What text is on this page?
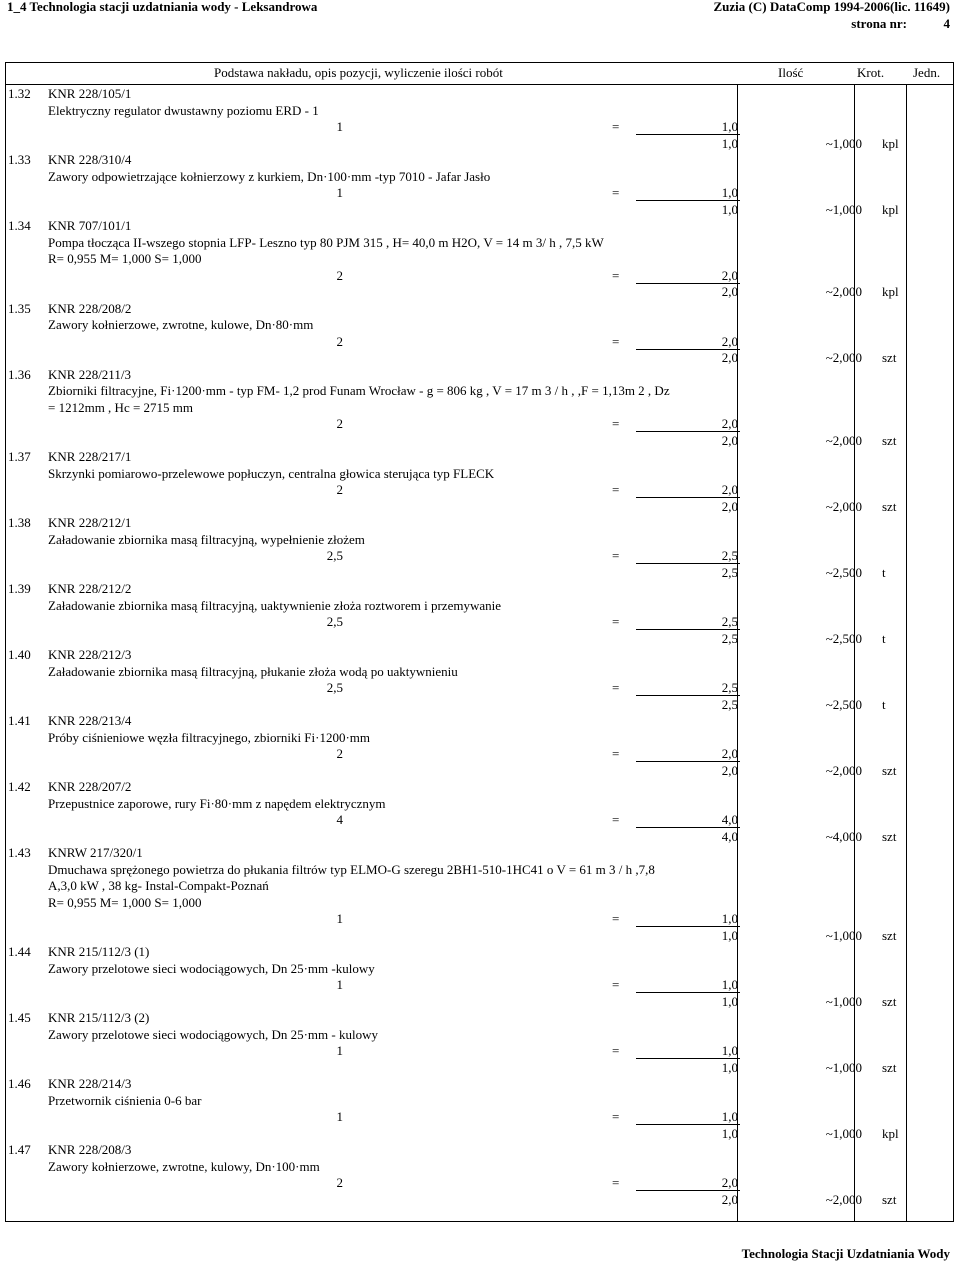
1_4 Technologia stacji uzdatniania wody - Leksandrowa	Zuzia (C) DataComp 1994-2006(lic. 11649)
strona nr:	4
Podstawa nakładu, opis pozycji, wyliczenie ilości robót	Ilość	Krot. Jedn.
1.32 KNR 228/105/1
Elektryczny regulator dwustawny poziomu ERD - 1
1	=	1,0
1,0	~1,000 kpl
1.33 KNR 228/310/4
Zawory odpowietrzające kołnierzowy z kurkiem, Dn·100·mm -typ 7010 - Jafar Jasło
1	=	1,0
1,0	~1,000 kpl
1.34 KNR 707/101/1
Pompa tłocząca II-wszego stopnia LFP- Leszno typ 80 PJM 315 , H= 40,0 m H2O, V = 14 m 3/ h , 7,5 kW
R= 0,955 M= 1,000 S= 1,000
2	=	2,0
2,0	~2,000 kpl
1.35 KNR 228/208/2
Zawory kołnierzowe, zwrotne, kulowe, Dn·80·mm
2	=	2,0
2,0	~2,000 szt
1.36 KNR 228/211/3
Zbiorniki filtracyjne, Fi·1200·mm - typ FM- 1,2 prod Funam Wrocław - g = 806 kg , V = 17 m 3 / h , ,F = 1,13m 2 , Dz
= 1212mm , Hc = 2715 mm
2	=	2,0
2,0	~2,000 szt
1.37 KNR 228/217/1
Skrzynki pomiarowo-przelewowe popłuczyn, centralna głowica sterująca typ FLECK
2	=	2,0
2,0	~2,000 szt
1.38 KNR 228/212/1
Załadowanie zbiornika masą filtracyjną, wypełnienie złożem
2,5	=	2,5
2,5	~2,500 t
1.39 KNR 228/212/2
Załadowanie zbiornika masą filtracyjną, uaktywnienie złoża roztworem i przemywanie
2,5	=	2,5
2,5	~2,500 t
1.40 KNR 228/212/3
Załadowanie zbiornika masą filtracyjną, płukanie złoża wodą po uaktywnieniu
2,5	=	2,5
2,5	~2,500 t
1.41 KNR 228/213/4
Próby ciśnieniowe węzła filtracyjnego, zbiorniki Fi·1200·mm
2	=	2,0
2,0	~2,000 szt
1.42 KNR 228/207/2
Przepustnice zaporowe, rury Fi·80·mm z napędem elektrycznym
4	=	4,0
4,0	~4,000 szt
1.43 KNRW 217/320/1
Dmuchawa sprężonego powietrza do płukania filtrów typ ELMO-G szeregu 2BH1-510-1HC41 o V = 61 m 3 / h ,7,8
A,3,0 kW , 38 kg- Instal-Compakt-Poznań
R= 0,955 M= 1,000 S= 1,000
1	=	1,0
1,0	~1,000 szt
1.44 KNR 215/112/3 (1)
Zawory przelotowe sieci wodociągowych, Dn 25·mm -kulowy
1	=	1,0
1,0	~1,000 szt
1.45 KNR 215/112/3 (2)
Zawory przelotowe sieci wodociągowych, Dn 25·mm - kulowy
1	=	1,0
1,0	~1,000 szt
1.46 KNR 228/214/3
Przetwornik ciśnienia 0-6 bar
1	=	1,0
1,0	~1,000 kpl
1.47 KNR 228/208/3
Zawory kołnierzowe, zwrotne, kulowy, Dn·100·mm
2	=	2,0
2,0	~2,000 szt
Technologia Stacji Uzdatniania Wody
